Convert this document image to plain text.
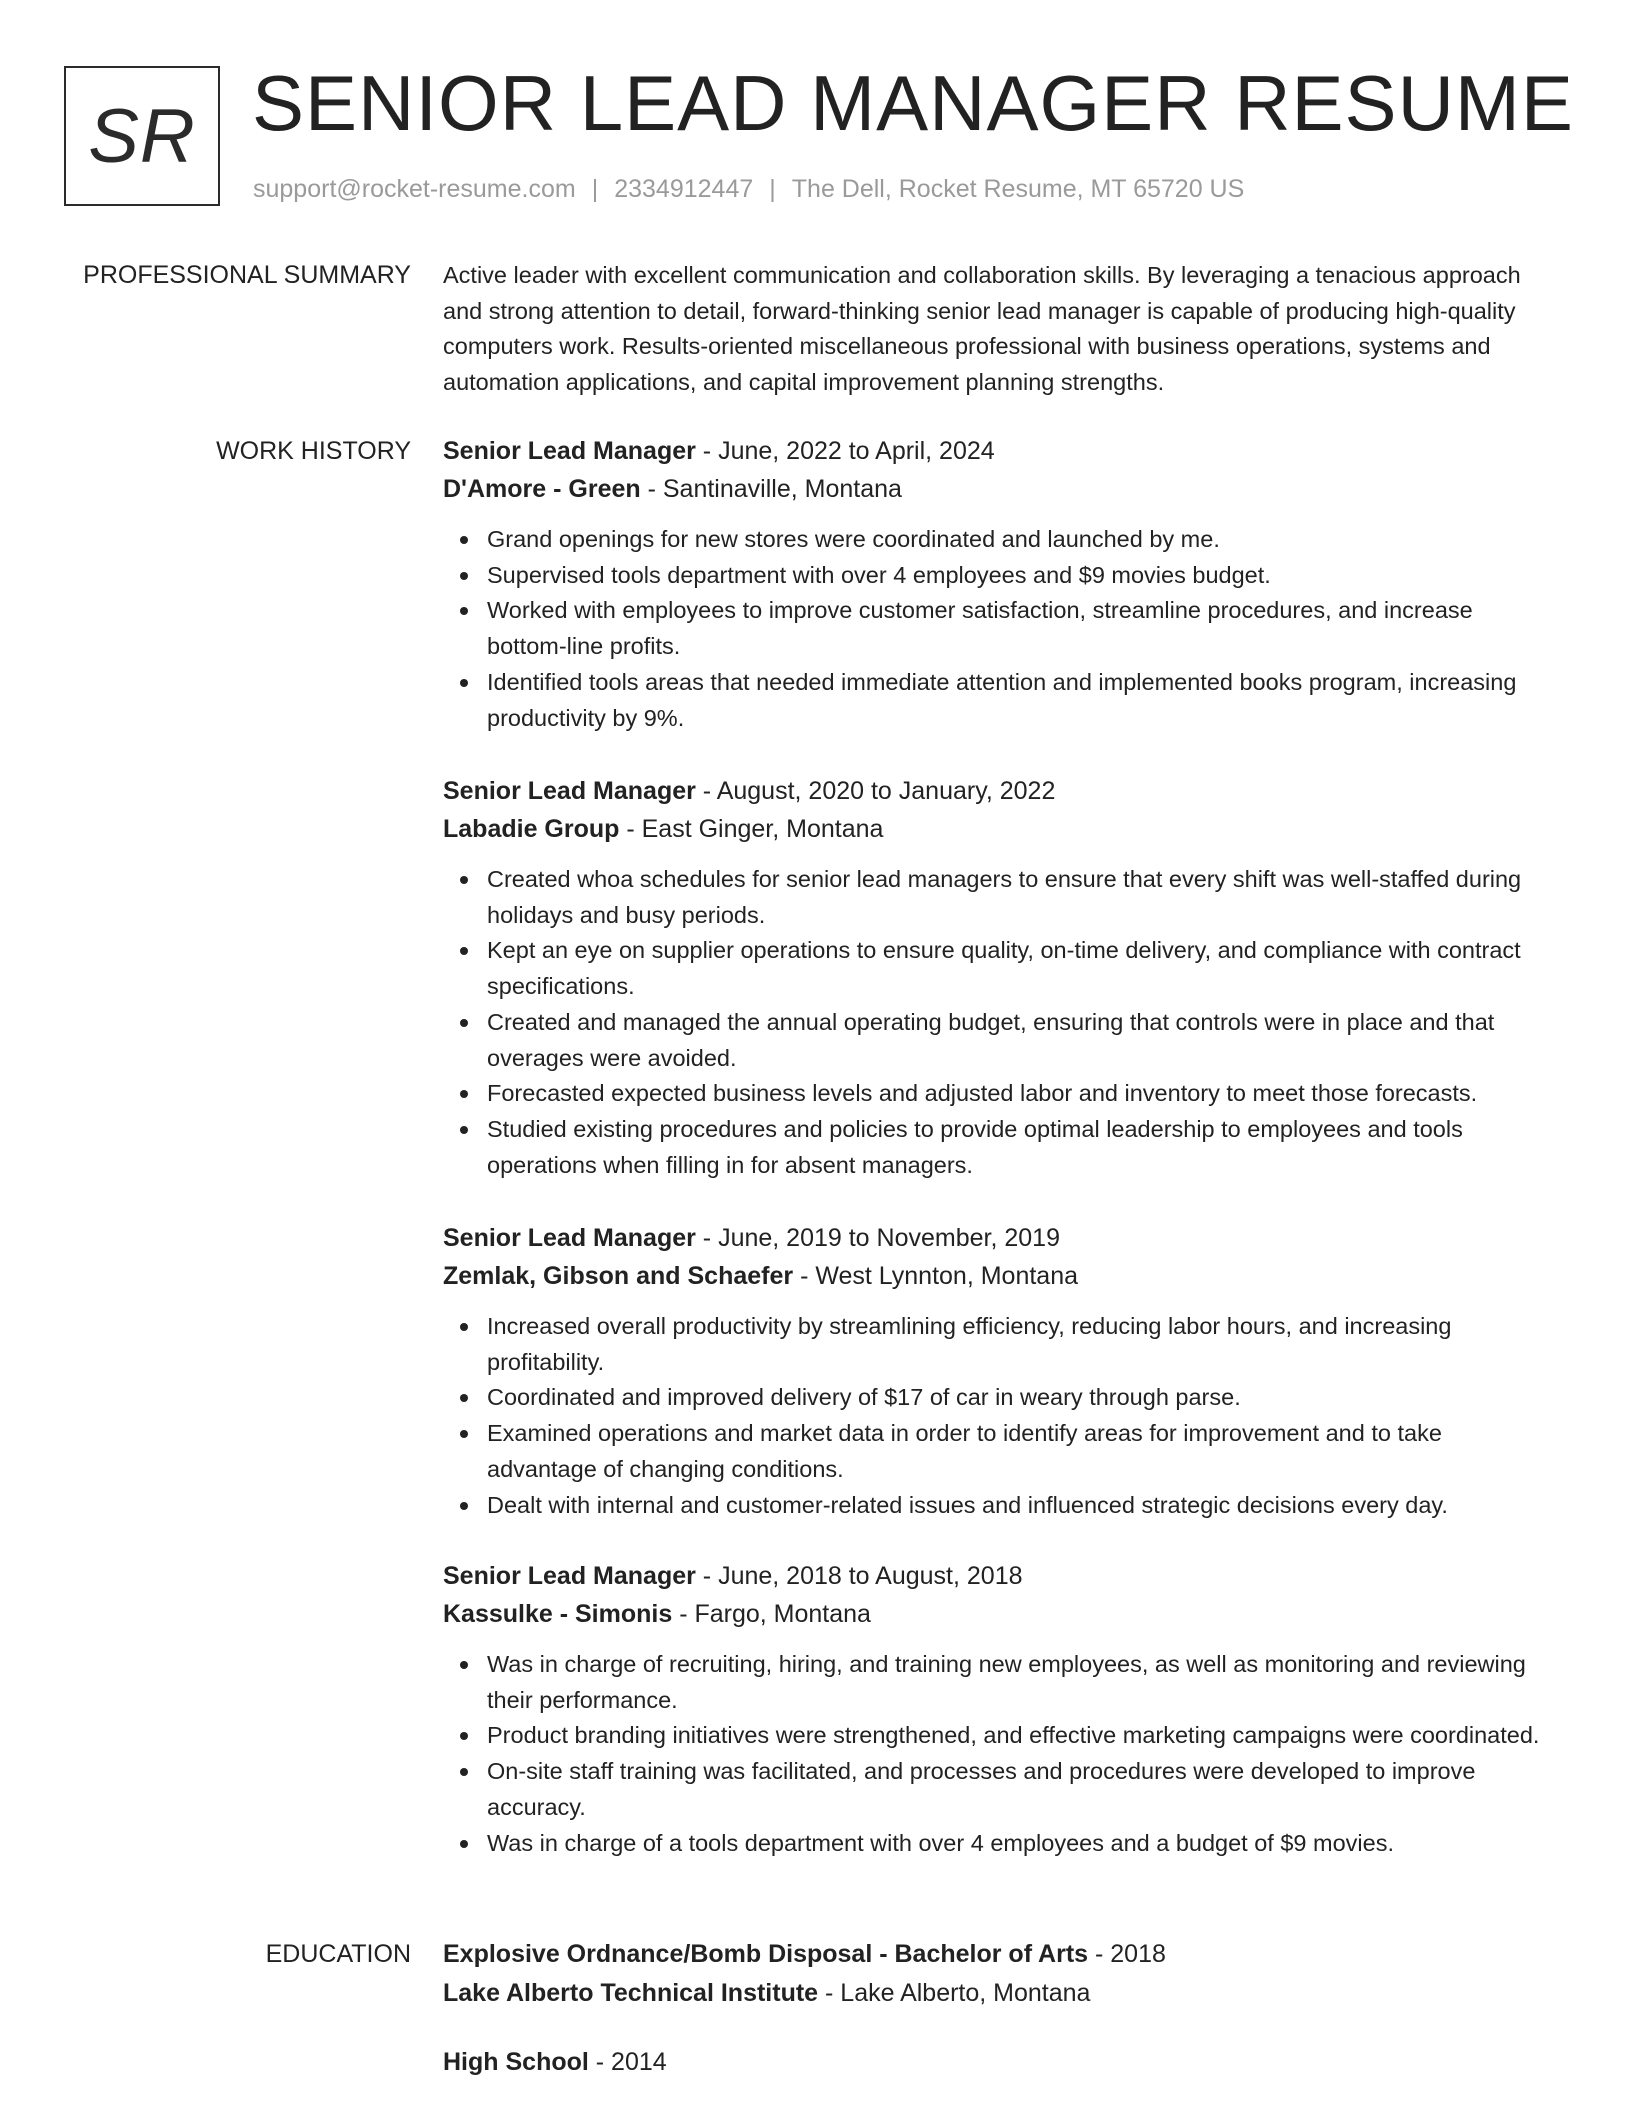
SR SENIOR LEAD MANAGER RESUME
support@rocket-resume.com | 2334912447 | The Dell, Rocket Resume, MT 65720 US
PROFESSIONAL SUMMARY Active leader with excellent communication and collaboration skills. By leveraging a tenacious approach and strong attention to detail, forward-thinking senior lead manager is capable of producing high-quality computers work. Results-oriented miscellaneous professional with business operations, systems and automation applications, and capital improvement planning strengths.

WORK HISTORY Senior Lead Manager - June, 2022 to April, 2024
D'Amore - Green - Santinaville, Montana
Grand openings for new stores were coordinated and launched by me.
Supervised tools department with over 4 employees and $9 movies budget.
Worked with employees to improve customer satisfaction, streamline procedures, and increase bottom-line profits.
Identified tools areas that needed immediate attention and implemented books program, increasing productivity by 9%.
Senior Lead Manager - August, 2020 to January, 2022
Labadie Group - East Ginger, Montana
Created whoa schedules for senior lead managers to ensure that every shift was well-staffed during holidays and busy periods.
Kept an eye on supplier operations to ensure quality, on-time delivery, and compliance with contract specifications.
Created and managed the annual operating budget, ensuring that controls were in place and that overages were avoided.
Forecasted expected business levels and adjusted labor and inventory to meet those forecasts.
Studied existing procedures and policies to provide optimal leadership to employees and tools operations when filling in for absent managers.
Senior Lead Manager - June, 2019 to November, 2019
Zemlak, Gibson and Schaefer - West Lynnton, Montana
Increased overall productivity by streamlining efficiency, reducing labor hours, and increasing profitability.
Coordinated and improved delivery of $17 of car in weary through parse.
Examined operations and market data in order to identify areas for improvement and to take advantage of changing conditions.
Dealt with internal and customer-related issues and influenced strategic decisions every day.
Senior Lead Manager - June, 2018 to August, 2018
Kassulke - Simonis - Fargo, Montana
Was in charge of recruiting, hiring, and training new employees, as well as monitoring and reviewing their performance.
Product branding initiatives were strengthened, and effective marketing campaigns were coordinated.
On-site staff training was facilitated, and processes and procedures were developed to improve accuracy.
Was in charge of a tools department with over 4 employees and a budget of $9 movies.
EDUCATION Explosive Ordnance/Bomb Disposal - Bachelor of Arts - 2018
Lake Alberto Technical Institute - Lake Alberto, Montana
High School - 2014
